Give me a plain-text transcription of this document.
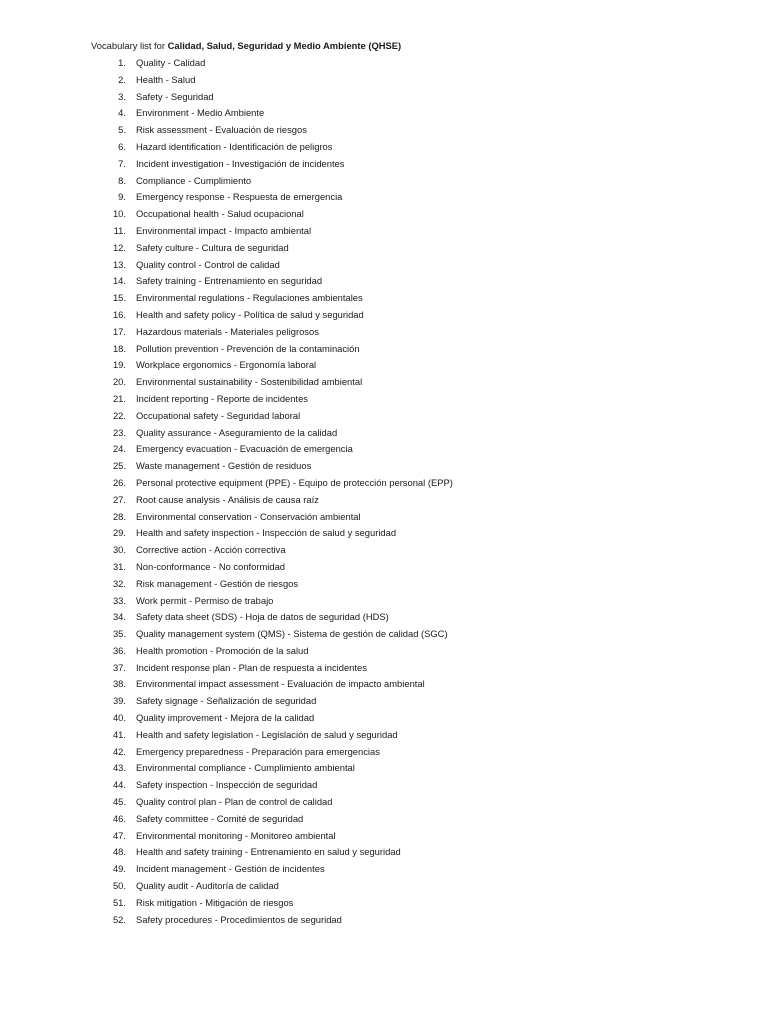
Vocabulary list for Calidad, Salud, Seguridad y Medio Ambiente (QHSE)
1. Quality - Calidad
2. Health - Salud
3. Safety - Seguridad
4. Environment - Medio Ambiente
5. Risk assessment - Evaluación de riesgos
6. Hazard identification - Identificación de peligros
7. Incident investigation - Investigación de incidentes
8. Compliance - Cumplimiento
9. Emergency response - Respuesta de emergencia
10. Occupational health - Salud ocupacional
11. Environmental impact - Impacto ambiental
12. Safety culture - Cultura de seguridad
13. Quality control - Control de calidad
14. Safety training - Entrenamiento en seguridad
15. Environmental regulations - Regulaciones ambientales
16. Health and safety policy - Política de salud y seguridad
17. Hazardous materials - Materiales peligrosos
18. Pollution prevention - Prevención de la contaminación
19. Workplace ergonomics - Ergonomía laboral
20. Environmental sustainability - Sostenibilidad ambiental
21. Incident reporting - Reporte de incidentes
22. Occupational safety - Seguridad laboral
23. Quality assurance - Aseguramiento de la calidad
24. Emergency evacuation - Evacuación de emergencia
25. Waste management - Gestión de residuos
26. Personal protective equipment (PPE) - Equipo de protección personal (EPP)
27. Root cause analysis - Análisis de causa raíz
28. Environmental conservation - Conservación ambiental
29. Health and safety inspection - Inspección de salud y seguridad
30. Corrective action - Acción correctiva
31. Non-conformance - No conformidad
32. Risk management - Gestión de riesgos
33. Work permit - Permiso de trabajo
34. Safety data sheet (SDS) - Hoja de datos de seguridad (HDS)
35. Quality management system (QMS) - Sistema de gestión de calidad (SGC)
36. Health promotion - Promoción de la salud
37. Incident response plan - Plan de respuesta a incidentes
38. Environmental impact assessment - Evaluación de impacto ambiental
39. Safety signage - Señalización de seguridad
40. Quality improvement - Mejora de la calidad
41. Health and safety legislation - Legislación de salud y seguridad
42. Emergency preparedness - Preparación para emergencias
43. Environmental compliance - Cumplimiento ambiental
44. Safety inspection - Inspección de seguridad
45. Quality control plan - Plan de control de calidad
46. Safety committee - Comité de seguridad
47. Environmental monitoring - Monitoreo ambiental
48. Health and safety training - Entrenamiento en salud y seguridad
49. Incident management - Gestión de incidentes
50. Quality audit - Auditoría de calidad
51. Risk mitigation - Mitigación de riesgos
52. Safety procedures - Procedimientos de seguridad
